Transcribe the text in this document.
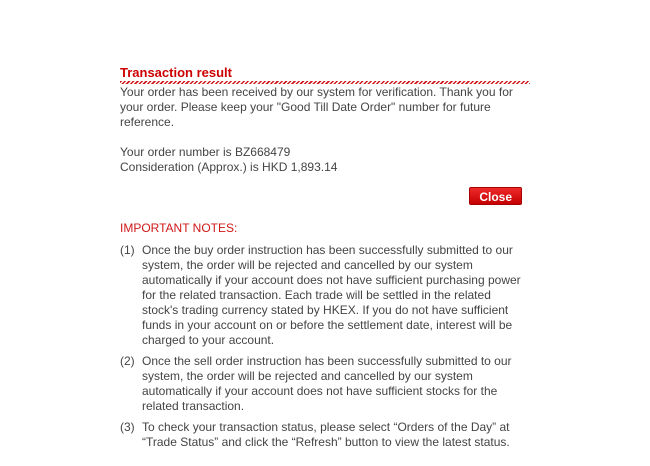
Transaction result
Your order has been received by our system for verification. Thank you for your order. Please keep your "Good Till Date Order" number for future reference.
Your order number is BZ668479
Consideration (Approx.) is HKD 1,893.14
Close
IMPORTANT NOTES:
(1) Once the buy order instruction has been successfully submitted to our system, the order will be rejected and cancelled by our system automatically if your account does not have sufficient purchasing power for the related transaction. Each trade will be settled in the related stock's trading currency stated by HKEX. If you do not have sufficient funds in your account on or before the settlement date, interest will be charged to your account.
(2) Once the sell order instruction has been successfully submitted to our system, the order will be rejected and cancelled by our system automatically if your account does not have sufficient stocks for the related transaction.
(3) To check your transaction status, please select “Orders of the Day” at “Trade Status” and click the “Refresh” button to view the latest status.
